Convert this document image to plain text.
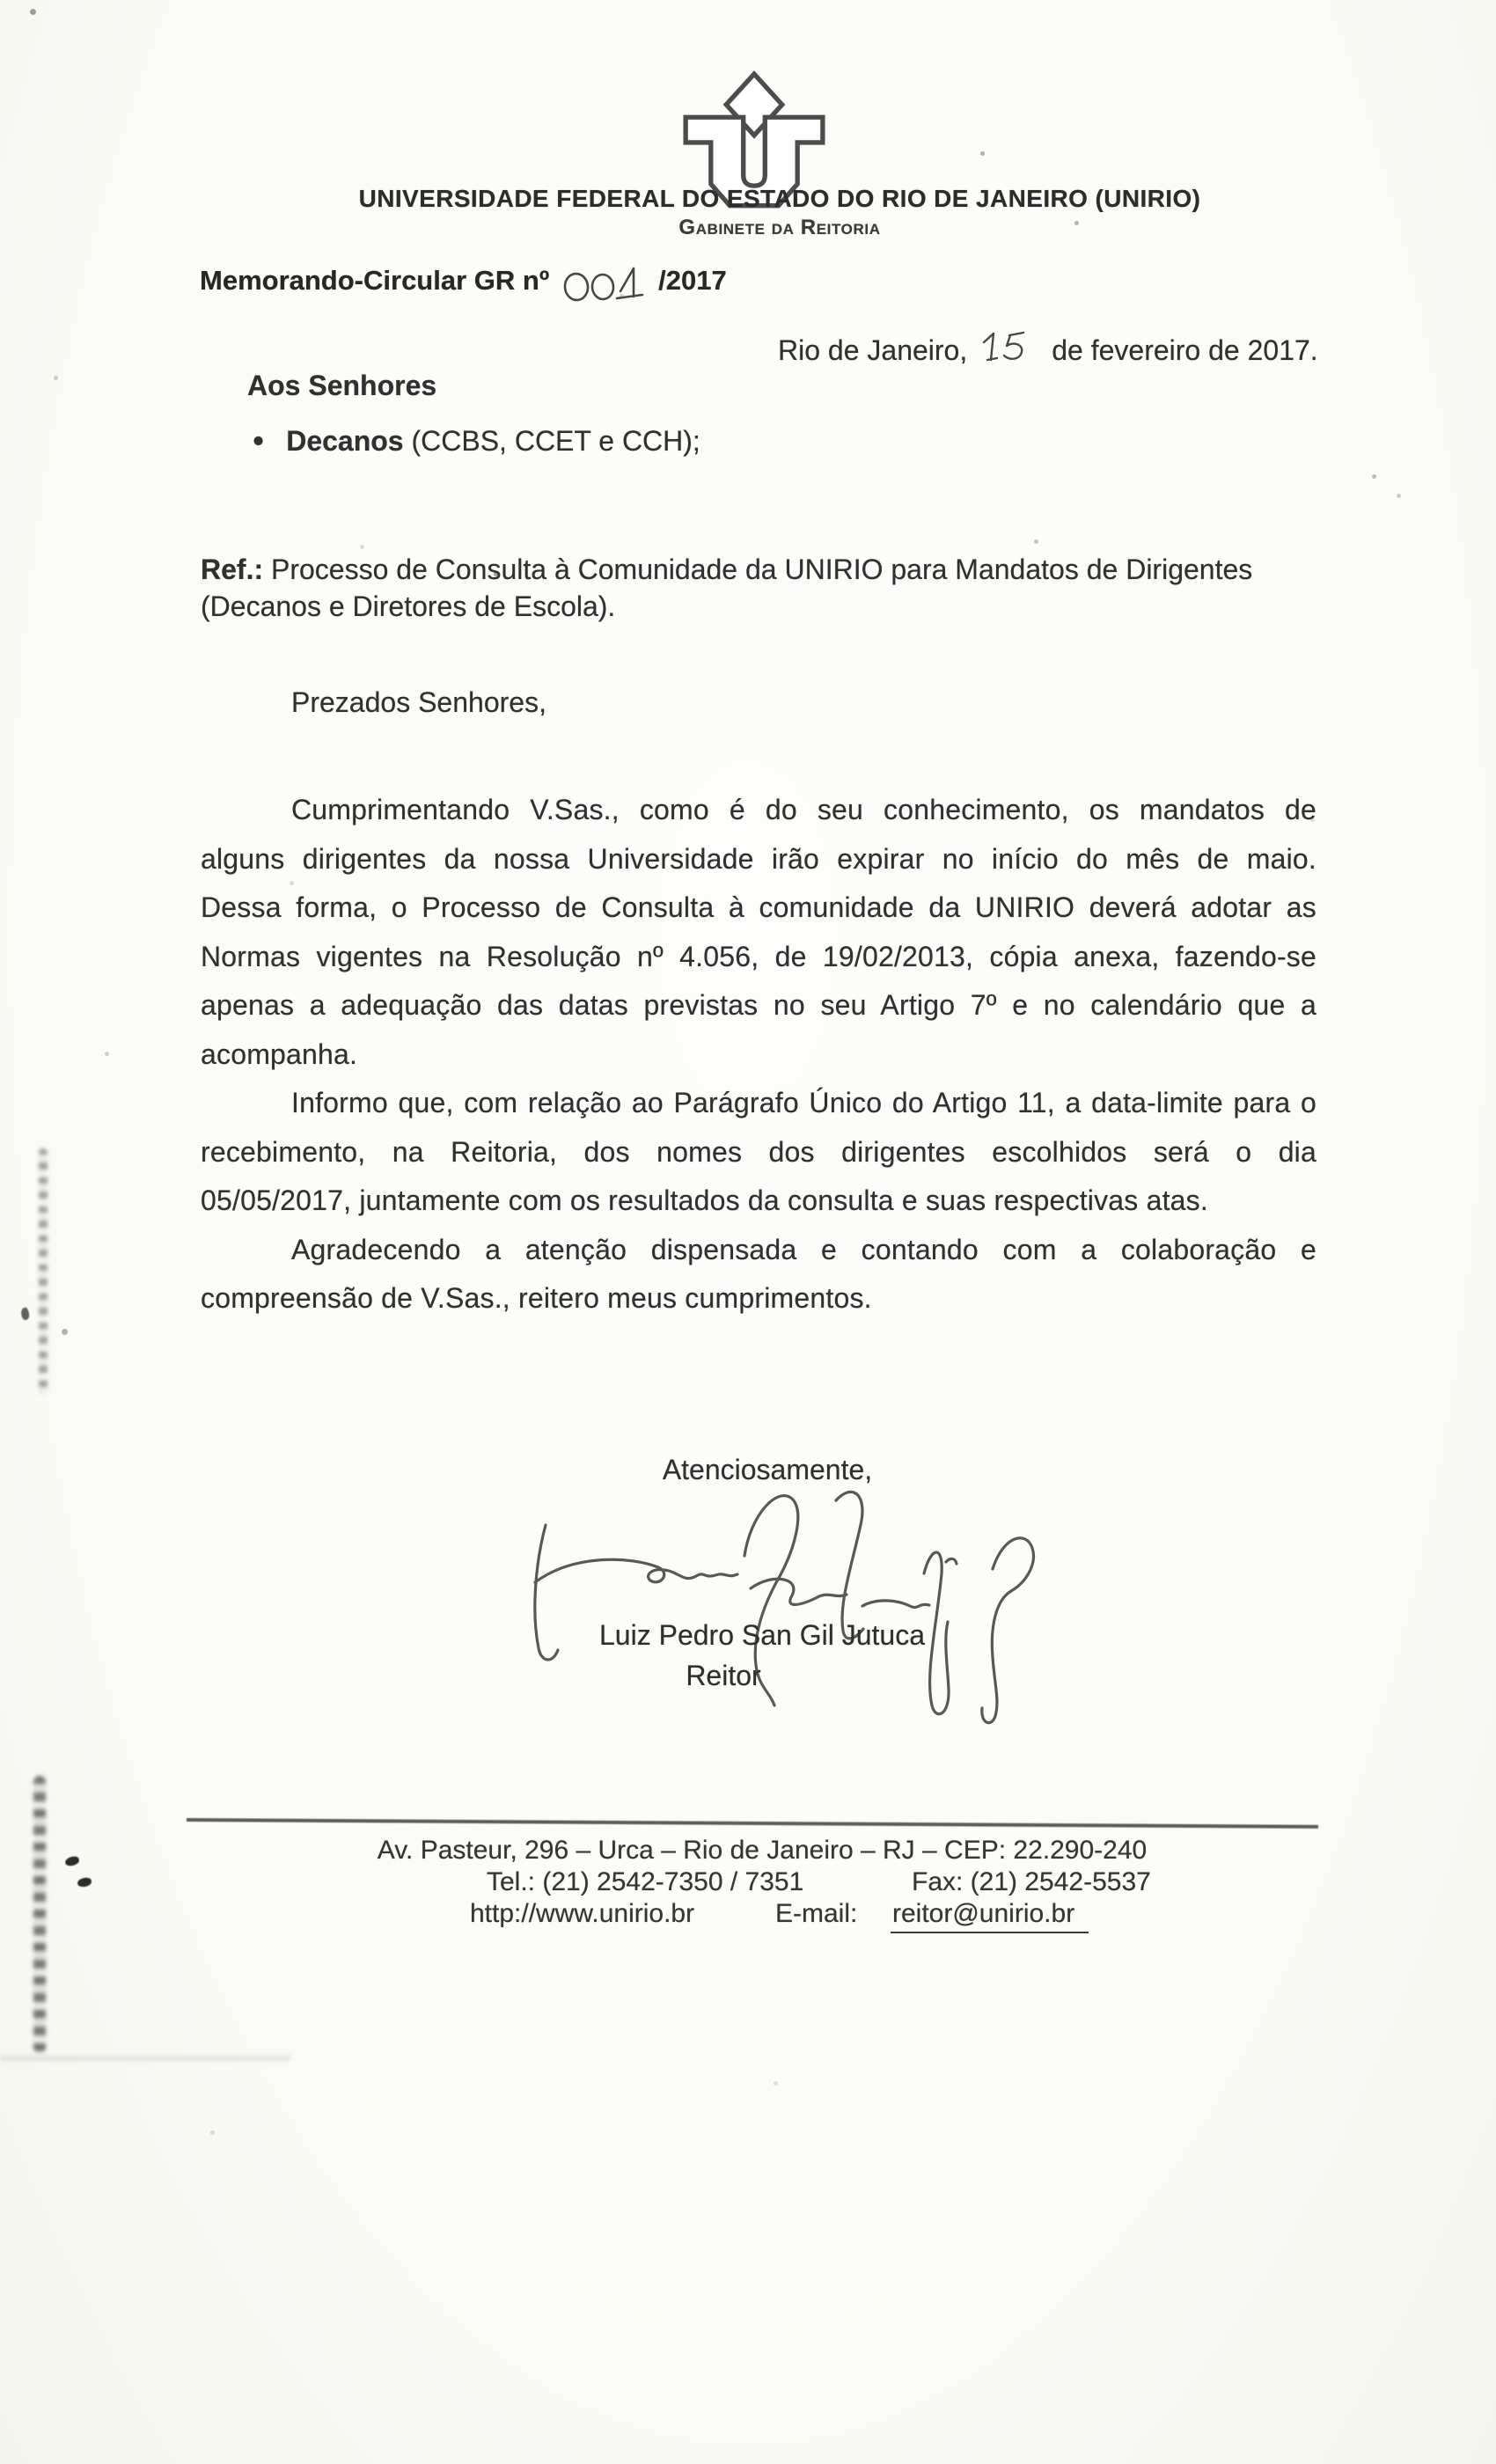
UNIVERSIDADE FEDERAL DO ESTADO DO RIO DE JANEIRO (UNIRIO)
Gabinete da Reitoria
Memorando-Circular GR nº	/2017
Rio de Janeiro,	de fevereiro de 2017.
Aos Senhores
• Decanos (CCBS, CCET e CCH);
Ref.: Processo de Consulta à Comunidade da UNIRIO para Mandatos de Dirigentes
(Decanos e Diretores de Escola).
Prezados Senhores,
Cumprimentando V.Sas., como é do seu conhecimento, os mandatos de
alguns dirigentes da nossa Universidade irão expirar no início do mês de maio.
Dessa forma, o Processo de Consulta à comunidade da UNIRIO deverá adotar as
Normas vigentes na Resolução nº 4.056, de 19/02/2013, cópia anexa, fazendo-se
apenas a adequação das datas previstas no seu Artigo 7º e no calendário que a
acompanha.
Informo que, com relação ao Parágrafo Único do Artigo 11, a data-limite para o
recebimento, na Reitoria, dos nomes dos dirigentes escolhidos será o dia
05/05/2017, juntamente com os resultados da consulta e suas respectivas atas.
Agradecendo a atenção dispensada e contando com a colaboração e
compreensão de V.Sas., reitero meus cumprimentos.
Atenciosamente,
Luiz Pedro San Gil Jutuca
Reitor
Av. Pasteur, 296 – Urca – Rio de Janeiro – RJ – CEP: 22.290-240
Tel.: (21) 2542-7350 / 7351	Fax: (21) 2542-5537
http://www.unirio.br	E-mail: reitor@unirio.br
